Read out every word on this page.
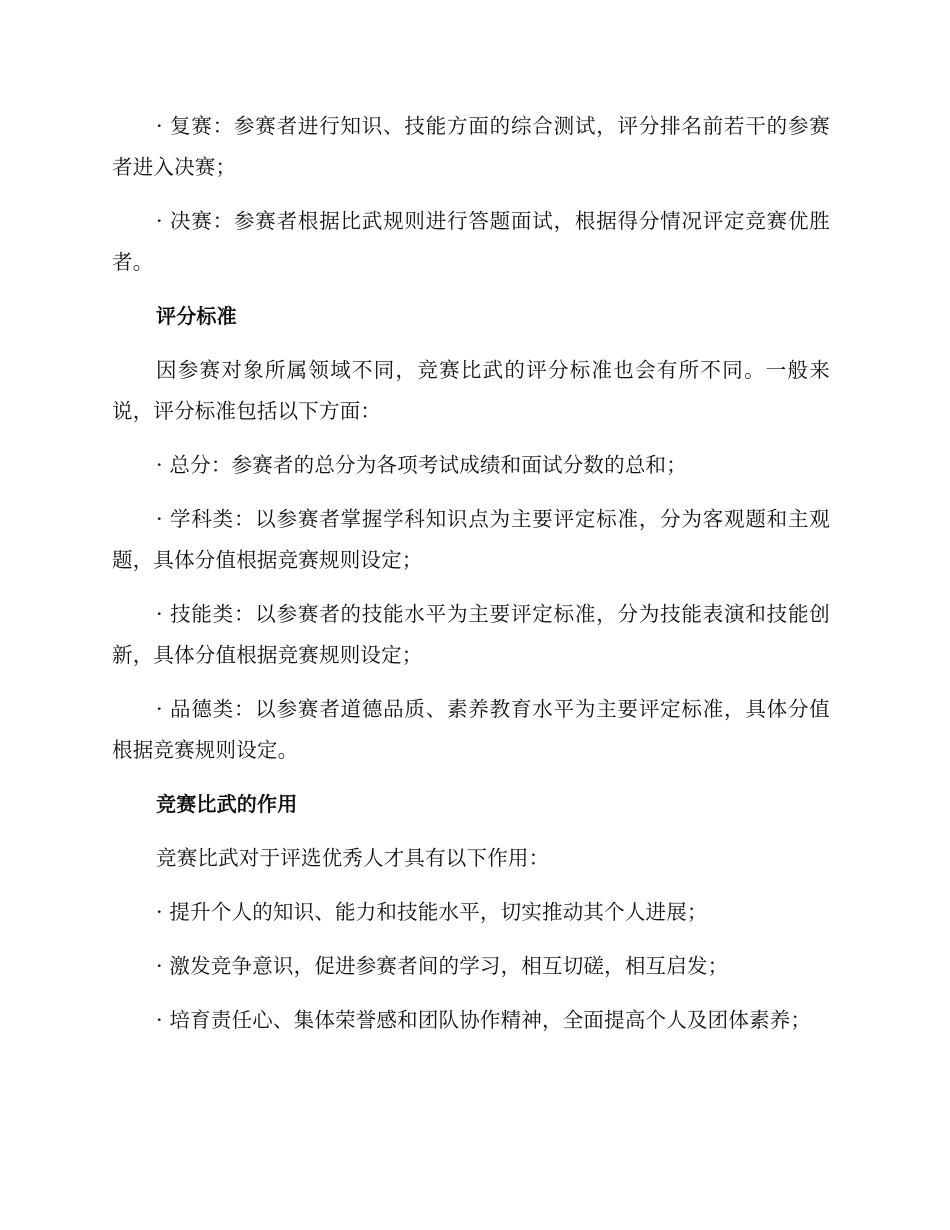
· 复赛：参赛者进行知识、技能方面的综合测试，评分排名前若干的参赛者进入决赛；

· 决赛：参赛者根据比武规则进行答题面试，根据得分情况评定竞赛优胜者。

评分标准

因参赛对象所属领域不同，竞赛比武的评分标准也会有所不同。一般来说，评分标准包括以下方面：

· 总分：参赛者的总分为各项考试成绩和面试分数的总和；

· 学科类：以参赛者掌握学科知识点为主要评定标准，分为客观题和主观题，具体分值根据竞赛规则设定；

· 技能类：以参赛者的技能水平为主要评定标准，分为技能表演和技能创新，具体分值根据竞赛规则设定；

· 品德类：以参赛者道德品质、素养教育水平为主要评定标准，具体分值根据竞赛规则设定。

竞赛比武的作用

竞赛比武对于评选优秀人才具有以下作用：

· 提升个人的知识、能力和技能水平，切实推动其个人进展；

· 激发竞争意识，促进参赛者间的学习，相互切磋，相互启发；

· 培育责任心、集体荣誉感和团队协作精神，全面提高个人及团体素养；
